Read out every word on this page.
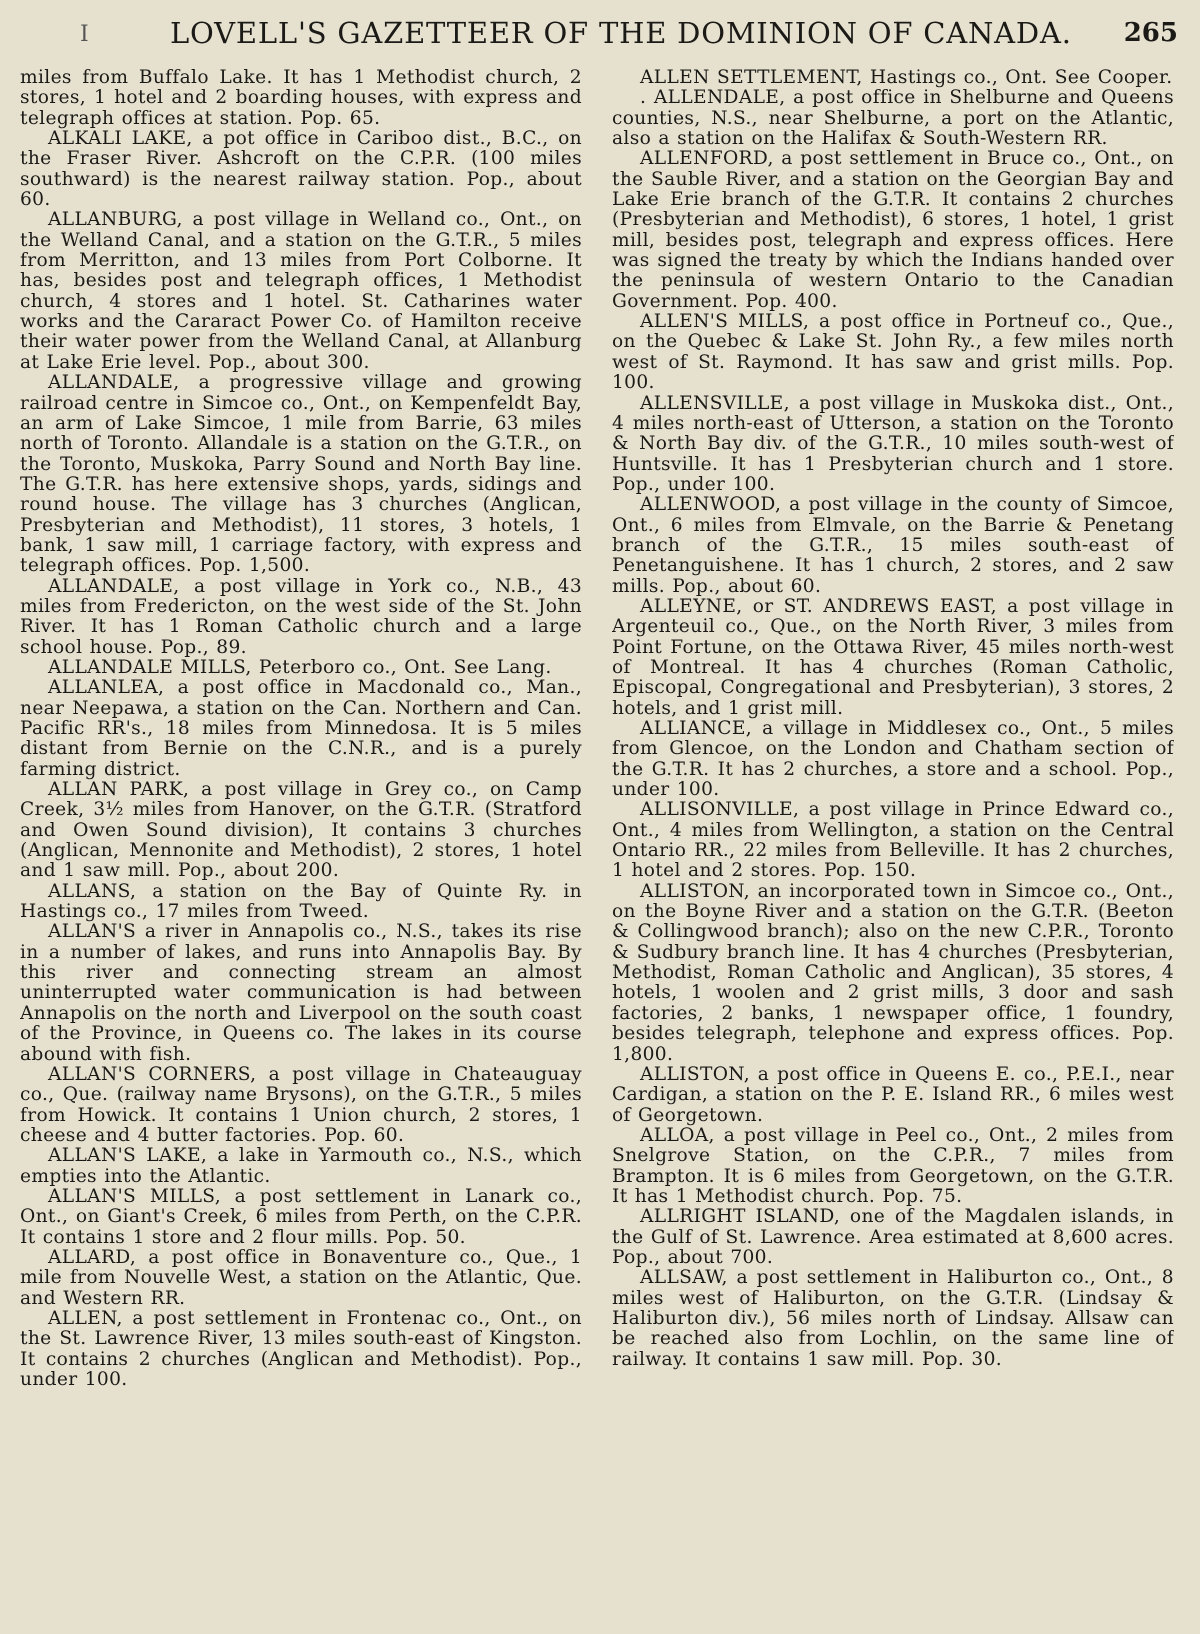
I	LOVELL'S GAZETTEER OF THE DOMINION OF CANADA. 265

miles from Buffalo Lake. It has 1 Methodist church, 2 stores, 1 hotel and 2 boarding houses, with express and telegraph offices at station. Pop. 65.

ALKALI LAKE, a pot office in Cariboo dist., B.C., on the Fraser River. Ashcroft on the C.P.R. (100 miles southward) is the nearest railway station. Pop., about 60.

ALLANBURG, a post village in Welland co., Ont., on the Welland Canal, and a station on the G.T.R., 5 miles from Merritton, and 13 miles from Port Colborne. It has, besides post and telegraph offices, 1 Methodist church, 4 stores and 1 hotel. St. Catharines water works and the Cararact Power Co. of Hamilton receive their water power from the Welland Canal, at Allanburg at Lake Erie level. Pop., about 300.

ALLANDALE, a progressive village and growing railroad centre in Simcoe co., Ont., on Kempenfeldt Bay, an arm of Lake Simcoe, 1 mile from Barrie, 63 miles north of Toronto. Allandale is a station on the G.T.R., on the Toronto, Muskoka, Parry Sound and North Bay line. The G.T.R. has here extensive shops, yards, sidings and round house. The village has 3 churches (Anglican, Presbyterian and Methodist), 11 stores, 3 hotels, 1 bank, 1 saw mill, 1 carriage factory, with express and telegraph offices. Pop. 1,500.

ALLANDALE, a post village in York co., N.B., 43 miles from Fredericton, on the west side of the St. John River. It has 1 Roman Catholic church and a large school house. Pop., 89.

ALLANDALE MILLS, Peterboro co., Ont. See Lang.

ALLANLEA, a post office in Macdonald co., Man., near Neepawa, a station on the Can. Northern and Can. Pacific RR's., 18 miles from Minnedosa. It is 5 miles distant from Bernie on the C.N.R., and is a purely farming district.

ALLAN PARK, a post village in Grey co., on Camp Creek, 3½ miles from Hanover, on the G.T.R. (Stratford and Owen Sound division), It contains 3 churches (Anglican, Mennonite and Methodist), 2 stores, 1 hotel and 1 saw mill. Pop., about 200.

ALLANS, a station on the Bay of Quinte Ry. in Hastings co., 17 miles from Tweed.

ALLAN'S a river in Annapolis co., N.S., takes its rise in a number of lakes, and runs into Annapolis Bay. By this river and connecting stream an almost uninterrupted water communication is had between Annapolis on the north and Liverpool on the south coast of the Province, in Queens co. The lakes in its course abound with fish.

ALLAN'S CORNERS, a post village in Chateauguay co., Que. (railway name Brysons), on the G.T.R., 5 miles from Howick. It contains 1 Union church, 2 stores, 1 cheese and 4 butter factories. Pop. 60.

ALLAN'S LAKE, a lake in Yarmouth co., N.S., which empties into the Atlantic.

ALLAN'S MILLS, a post settlement in Lanark co., Ont., on Giant's Creek, 6 miles from Perth, on the C.P.R. It contains 1 store and 2 flour mills. Pop. 50.

ALLARD, a post office in Bonaventure co., Que., 1 mile from Nouvelle West, a station on the Atlantic, Que. and Western RR.

ALLEN, a post settlement in Frontenac co., Ont., on the St. Lawrence River, 13 miles south-east of Kingston. It contains 2 churches (Anglican and Methodist). Pop., under 100.

ALLEN SETTLEMENT, Hastings co., Ont. See Cooper.

. ALLENDALE, a post office in Shelburne and Queens counties, N.S., near Shelburne, a port on the Atlantic, also a station on the Halifax & South-Western RR.

ALLENFORD, a post settlement in Bruce co., Ont., on the Sauble River, and a station on the Georgian Bay and Lake Erie branch of the G.T.R. It contains 2 churches (Presbyterian and Methodist), 6 stores, 1 hotel, 1 grist mill, besides post, telegraph and express offices. Here was signed the treaty by which the Indians handed over the peninsula of western Ontario to the Canadian Government. Pop. 400.

ALLEN'S MILLS, a post office in Portneuf co., Que., on the Quebec & Lake St. John Ry., a few miles north west of St. Raymond. It has saw and grist mills. Pop. 100.

ALLENSVILLE, a post village in Muskoka dist., Ont., 4 miles north-east of Utterson, a station on the Toronto & North Bay div. of the G.T.R., 10 miles south-west of Huntsville. It has 1 Presbyterian church and 1 store. Pop., under 100.

ALLENWOOD, a post village in the county of Simcoe, Ont., 6 miles from Elmvale, on the Barrie & Penetang branch of the G.T.R., 15 miles south-east of Penetanguishene. It has 1 church, 2 stores, and 2 saw mills. Pop., about 60.

ALLEYNE, or ST. ANDREWS EAST, a post village in Argenteuil co., Que., on the North River, 3 miles from Point Fortune, on the Ottawa River, 45 miles north-west of Montreal. It has 4 churches (Roman Catholic, Episcopal, Congregational and Presbyterian), 3 stores, 2 hotels, and 1 grist mill.

ALLIANCE, a village in Middlesex co., Ont., 5 miles from Glencoe, on the London and Chatham section of the G.T.R. It has 2 churches, a store and a school. Pop., under 100.

ALLISONVILLE, a post village in Prince Edward co., Ont., 4 miles from Wellington, a station on the Central Ontario RR., 22 miles from Belleville. It has 2 churches, 1 hotel and 2 stores. Pop. 150.

ALLISTON, an incorporated town in Simcoe co., Ont., on the Boyne River and a station on the G.T.R. (Beeton & Collingwood branch); also on the new C.P.R., Toronto & Sudbury branch line. It has 4 churches (Presbyterian, Methodist, Roman Catholic and Anglican), 35 stores, 4 hotels, 1 woolen and 2 grist mills, 3 door and sash factories, 2 banks, 1 newspaper office, 1 foundry, besides telegraph, telephone and express offices. Pop. 1,800.

ALLISTON, a post office in Queens E. co., P.E.I., near Cardigan, a station on the P. E. Island RR., 6 miles west of Georgetown.

ALLOA, a post village in Peel co., Ont., 2 miles from Snelgrove Station, on the C.P.R., 7 miles from Brampton. It is 6 miles from Georgetown, on the G.T.R. It has 1 Methodist church. Pop. 75.

ALLRIGHT ISLAND, one of the Magdalen islands, in the Gulf of St. Lawrence. Area estimated at 8,600 acres. Pop., about 700.

ALLSAW, a post settlement in Haliburton co., Ont., 8 miles west of Haliburton, on the G.T.R. (Lindsay & Haliburton div.), 56 miles north of Lindsay. Allsaw can be reached also from Lochlin, on the same line of railway. It contains 1 saw mill. Pop. 30.
